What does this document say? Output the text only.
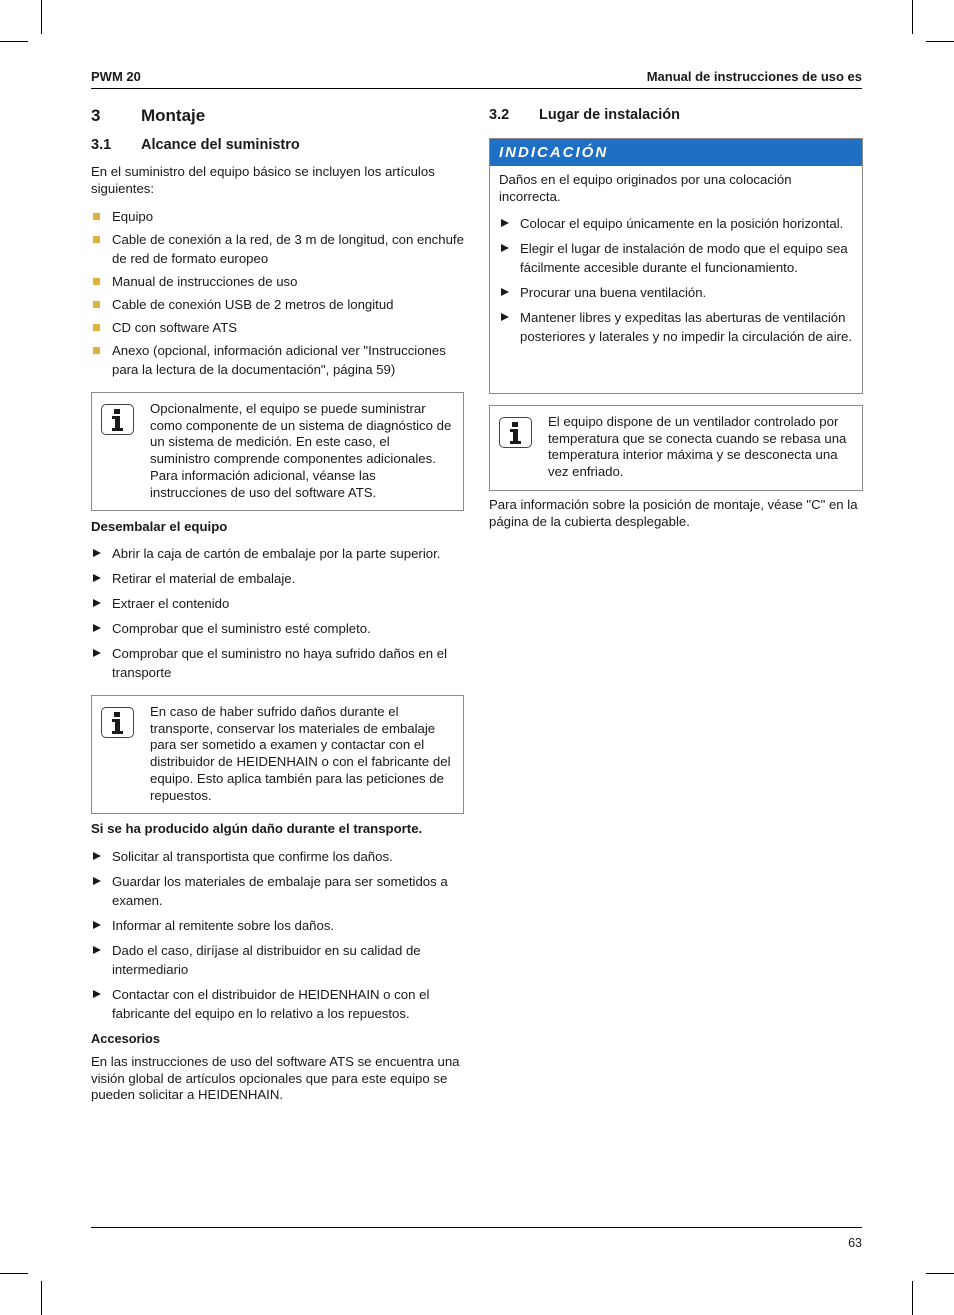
PWM 20	Manual de instrucciones de uso es
3 Montaje
3.1 Alcance del suministro

En el suministro del equipo básico se incluyen los artículos siguientes:

Equipo
Cable de conexión a la red, de 3 m de longitud, con enchufe de red de formato europeo
Manual de instrucciones de uso
Cable de conexión USB de 2 metros de longitud
CD con software ATS
Anexo (opcional, información adicional ver "Instrucciones para la lectura de la documentación", página 59)
Opcionalmente, el equipo se puede suministrar como componente de un sistema de diagnóstico de un sistema de medición. En este caso, el suministro comprende componentes adicionales. Para información adicional, véanse las instrucciones de uso del software ATS.
Desembalar el equipo
Abrir la caja de cartón de embalaje por la parte superior.
Retirar el material de embalaje.
Extraer el contenido
Comprobar que el suministro esté completo.
Comprobar que el suministro no haya sufrido daños en el transporte
En caso de haber sufrido daños durante el transporte, conservar los materiales de embalaje para ser sometido a examen y contactar con el distribuidor de HEIDENHAIN o con el fabricante del equipo. Esto aplica también para las peticiones de repuestos.
Si se ha producido algún daño durante el transporte.
Solicitar al transportista que confirme los daños.
Guardar los materiales de embalaje para ser sometidos a examen.
Informar al remitente sobre los daños.
Dado el caso, diríjase al distribuidor en su calidad de intermediario
Contactar con el distribuidor de HEIDENHAIN o con el fabricante del equipo en lo relativo a los repuestos.
Accesorios

En las instrucciones de uso del software ATS se encuentra una visión global de artículos opcionales que para este equipo se pueden solicitar a HEIDENHAIN.

3.2 Lugar de instalación
INDICACIÓN

Daños en el equipo originados por una colocación incorrecta.

Colocar el equipo únicamente en la posición horizontal.
Elegir el lugar de instalación de modo que el equipo sea fácilmente accesible durante el funcionamiento.
Procurar una buena ventilación.
Mantener libres y expeditas las aberturas de ventilación posteriores y laterales y no impedir la circulación de aire.
El equipo dispone de un ventilador controlado por temperatura que se conecta cuando se rebasa una temperatura interior máxima y se desconecta una vez enfriado.

Para información sobre la posición de montaje, véase "C" en la página de la cubierta desplegable.

63
